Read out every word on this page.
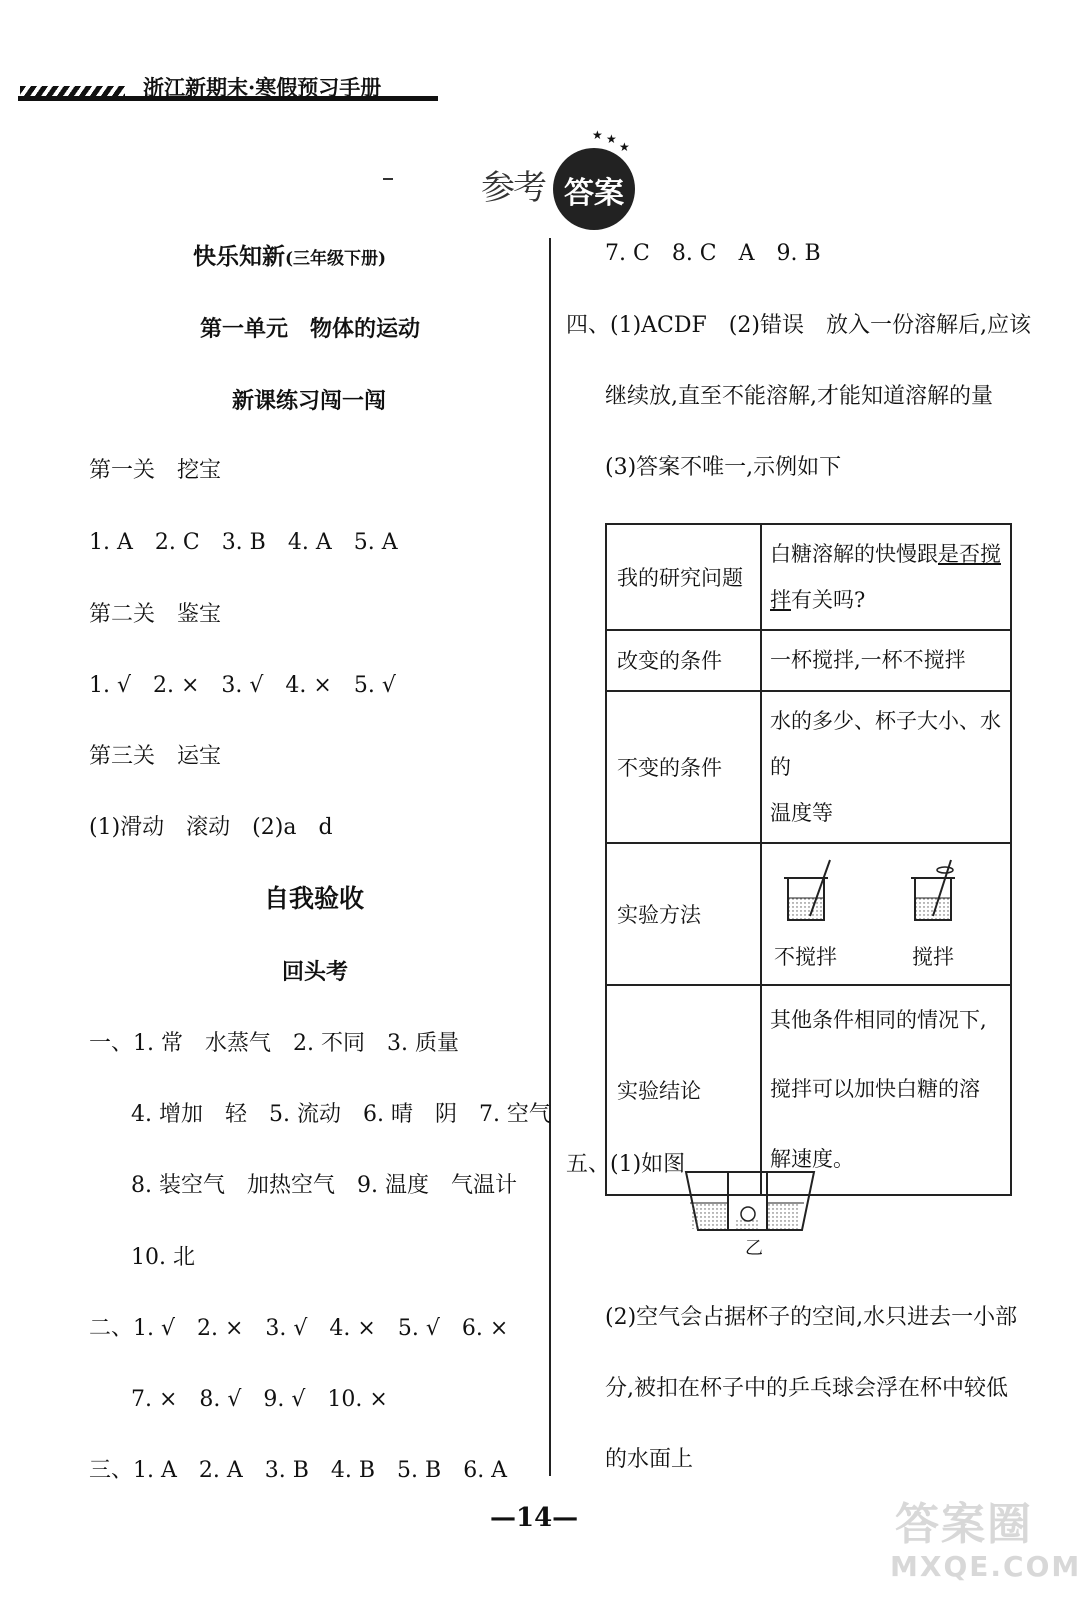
浙江新期末·寒假预习手册
参
考 答案
★ ★
★
快乐知新(三年级下册)
第一单元　物体的运动
新课练习闯一闯
第一关　挖宝
1. A　2. C　3. B　4. A　5. A
第二关　鉴宝
1. √　2. ×　3. √　4. ×　5. √
第三关　运宝
(1)滑动　滚动　(2)a　d
自我验收
回头考
一、1. 常　水蒸气　2. 不同　3. 质量
4. 增加　轻　5. 流动　6. 晴　阴　7. 空气
8. 装空气　加热空气　9. 温度　气温计
10. 北
二、1. √　2. ×　3. √　4. ×　5. √　6. ×
7. ×　8. √　9. √　10. ×
三、1. A　2. A　3. B　4. B　5. B　6. A
7. C　8. C　A　9. B
四、(1)ACDF　(2)错误　放入一份溶解后,应该
继续放,直至不能溶解,才能知道溶解的量
(3)答案不唯一,示例如下
我的研究问题	白糖溶解的快慢跟是否搅
拌有关吗?
改变的条件	一杯搅拌,一杯不搅拌
不变的条件	水的多少、杯子大小、水的
温度等
实验方法	不搅拌 搅拌

实验结论	其他条件相同的情况下,
搅拌可以加快白糖的溶
解速度。
五、(1)如图
乙
(2)空气会占据杯子的空间,水只进去一小部
分,被扣在杯子中的乒乓球会浮在杯中较低
的水面上
—14—	答案圈
MXQE.COM
